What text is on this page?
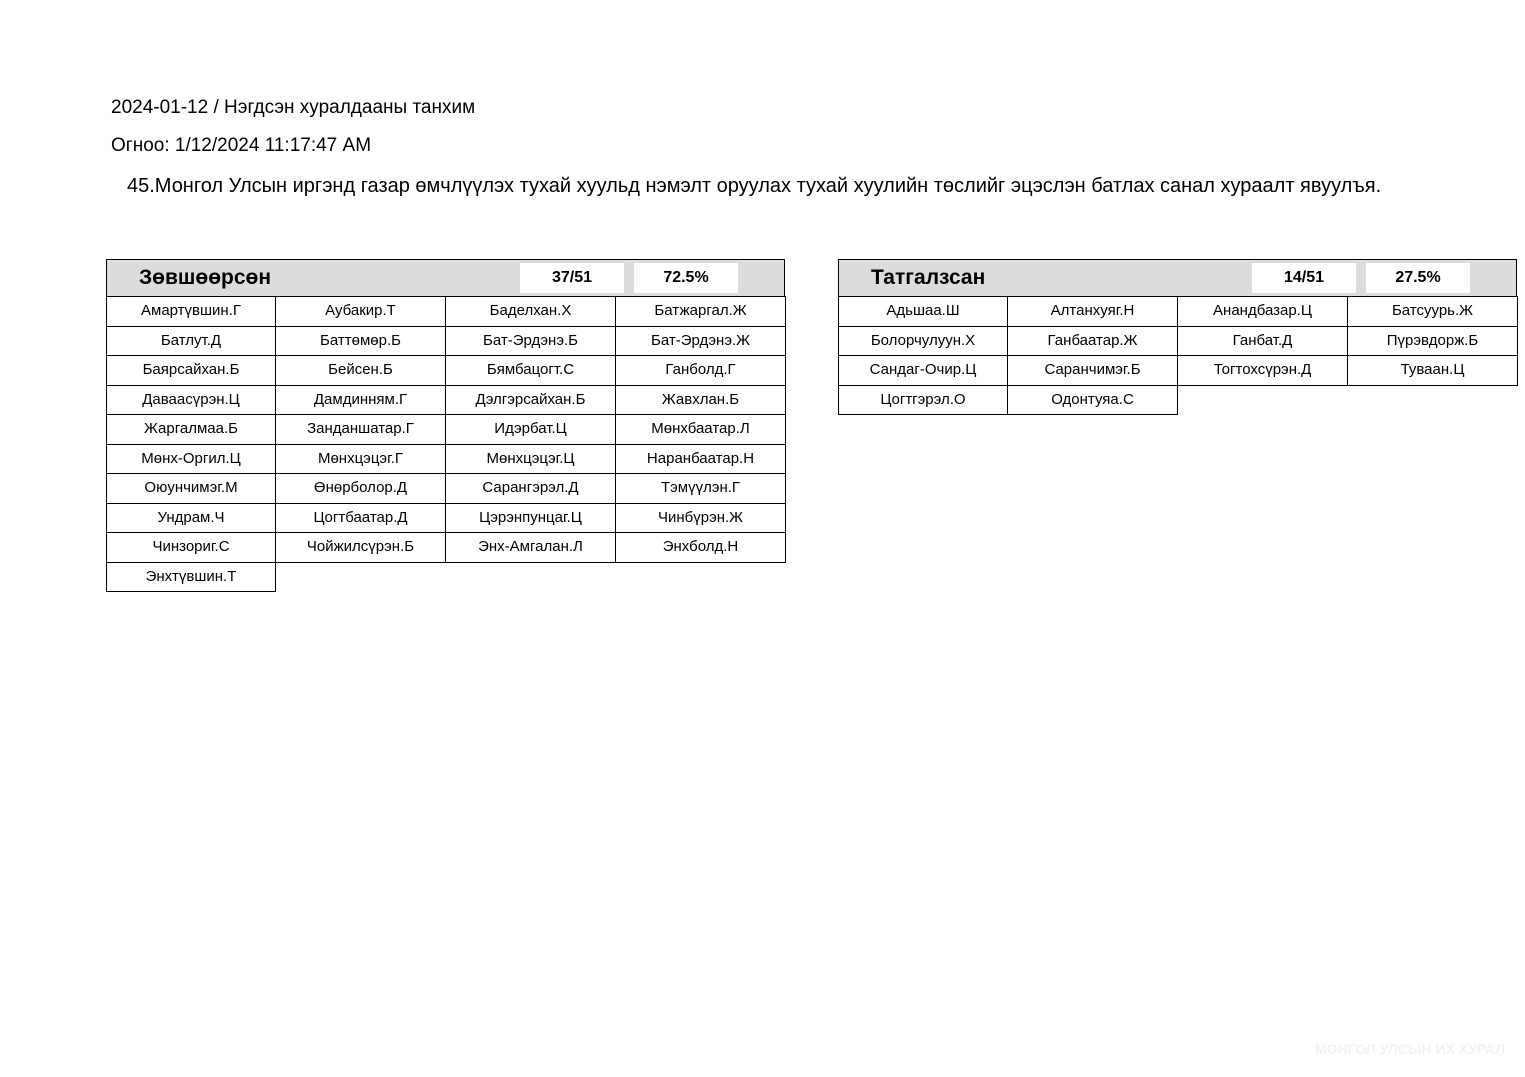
2024-01-12 / Нэгдсэн хуралдааны танхим
Огноо: 1/12/2024 11:17:47 AM
45.Монгол Улсын иргэнд газар өмчлүүлэх тухай хуульд нэмэлт оруулах тухай хуулийн төслийг эцэслэн батлах санал хураалт явуулъя.
Зөвшөөрсөн	37/51	72.5%
Амартүвшин.Г	Аубакир.Т	Баделхан.Х	Батжаргал.Ж
Батлут.Д	Баттөмөр.Б	Бат-Эрдэнэ.Б	Бат-Эрдэнэ.Ж
Баярсайхан.Б	Бейсен.Б	Бямбацогт.С	Ганболд.Г
Даваасүрэн.Ц	Дамдинням.Г	Дэлгэрсайхан.Б	Жавхлан.Б
Жаргалмаа.Б	Занданшатар.Г	Идэрбат.Ц	Мөнхбаатар.Л
Мөнх-Оргил.Ц	Мөнхцэцэг.Г	Мөнхцэцэг.Ц	Наранбаатар.Н
Оюунчимэг.М	Өнөрболор.Д	Сарангэрэл.Д	Тэмүүлэн.Г
Ундрам.Ч	Цогтбаатар.Д	Цэрэнпунцаг.Ц	Чинбүрэн.Ж
Чинзориг.С	Чойжилсүрэн.Б	Энх-Амгалан.Л	Энхболд.Н
Энхтүвшин.Т
Татгалзсан	14/51	27.5%
Адьшаа.Ш	Алтанхуяг.Н	Анандбазар.Ц	Батсуурь.Ж
Болорчулуун.Х	Ганбаатар.Ж	Ганбат.Д	Пүрэвдорж.Б
Сандаг-Очир.Ц	Саранчимэг.Б	Тогтохсүрэн.Д	Туваан.Ц
Цогтгэрэл.О	Одонтуяа.С
МОНГОЛ УЛСЫН ИХ ХУРАЛ
